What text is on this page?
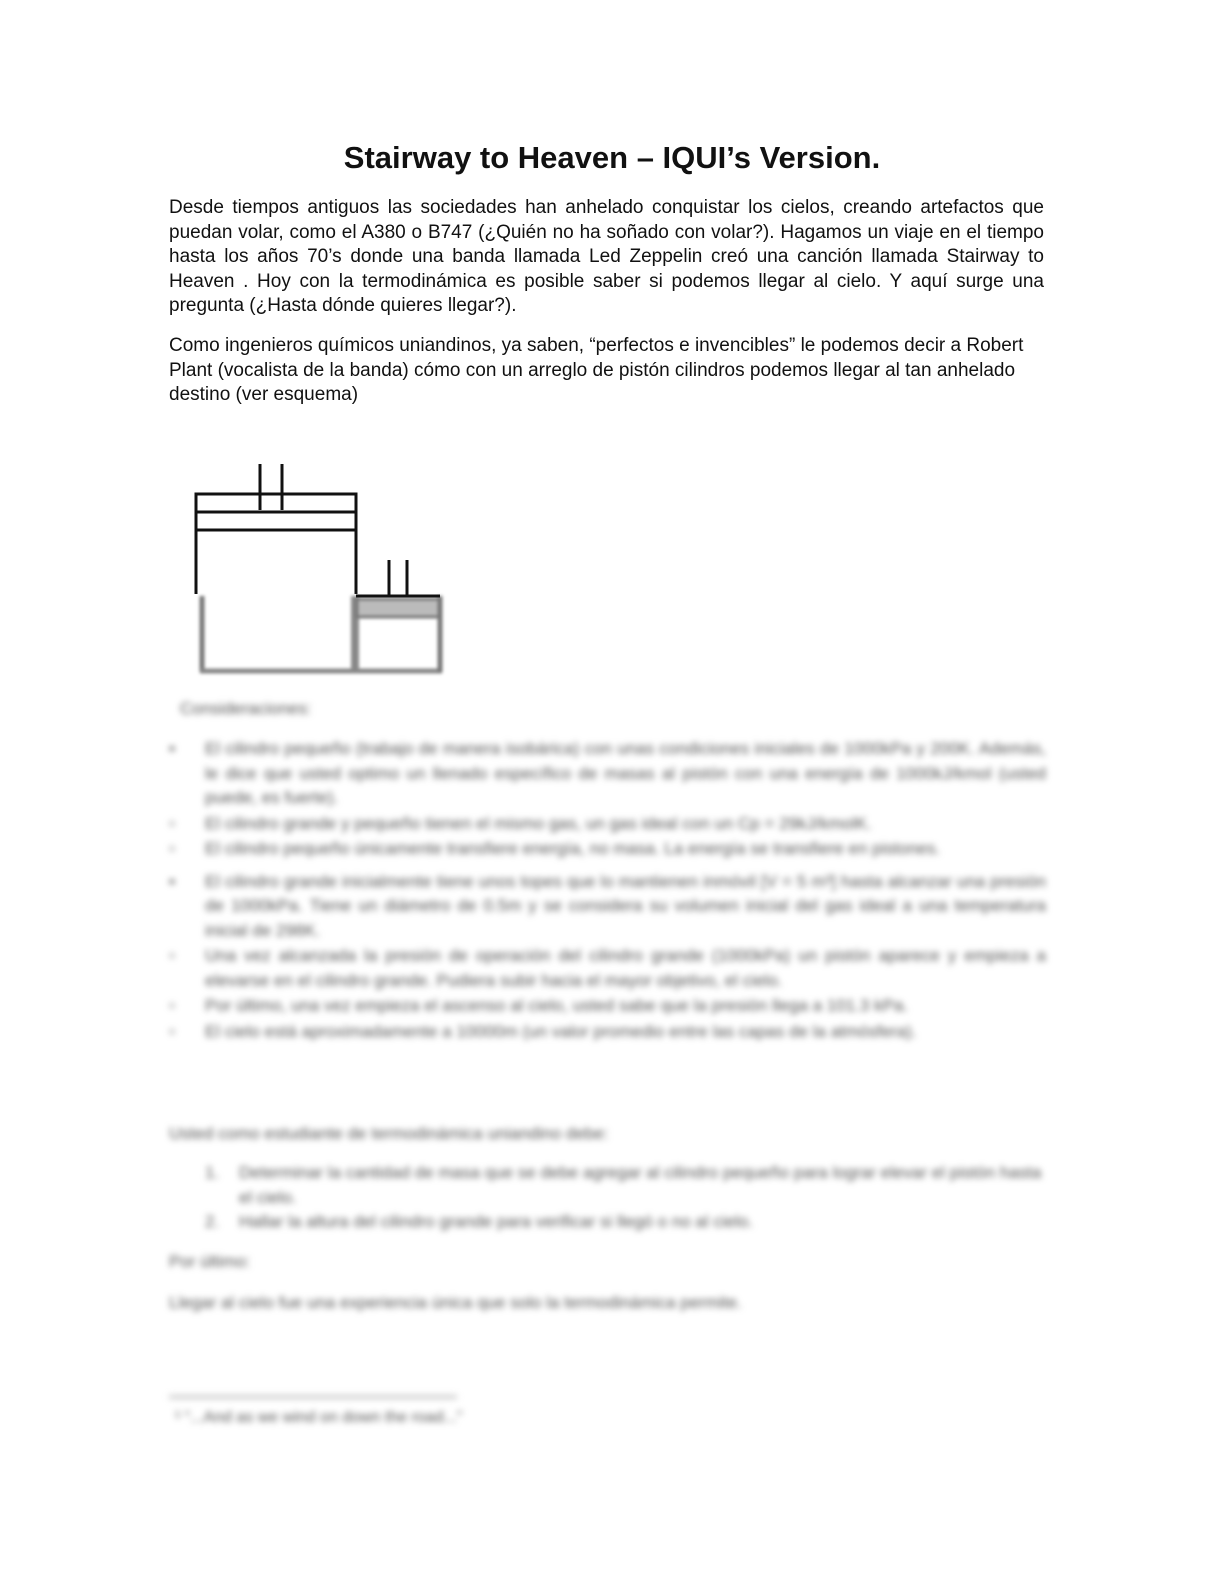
Stairway to Heaven – IQUI’s Version.

Desde tiempos antiguos las sociedades han anhelado conquistar los cielos, creando artefactos que puedan volar, como el A380 o B747 (¿Quién no ha soñado con volar?). Hagamos un viaje en el tiempo hasta los años 70’s donde una banda llamada Led Zeppelin creó una canción llamada Stairway to Heaven . Hoy con la termodinámica es posible saber si podemos llegar al cielo. Y aquí surge una pregunta (¿Hasta dónde quieres llegar?).

Como ingenieros químicos uniandinos, ya saben, “perfectos e invencibles” le podemos decir a Robert Plant (vocalista de la banda) cómo con un arreglo de pistón cilindros podemos llegar al tan anhelado destino (ver esquema)

Consideraciones:

▪ El cilindro pequeño (trabajo de manera isobárica) con unas condiciones iniciales de 1000kPa y 200K. Además, le dice que usted optimo un llenado específico de masas al pistón con una energía de 1000kJ/kmol (usted puede, es fuerte).

▫ El cilindro grande y pequeño tienen el mismo gas, un gas ideal con un Cp = 29kJ/kmolK.

▫ El cilindro pequeño únicamente transfiere energía, no masa. La energía se transfiere en pistones.

▪ El cilindro grande inicialmente tiene unos topes que lo mantienen inmóvil [V = 5 m³] hasta alcanzar una presión de 1000kPa. Tiene un diámetro de 0.5m y se considera su volumen inicial del gas ideal a una temperatura inicial de 298K.

▫ Una vez alcanzada la presión de operación del cilindro grande (1000kPa) un pistón aparece y empieza a elevarse en el cilindro grande. Pudiera subir hacia el mayor objetivo, el cielo.

▫ Por último, una vez empieza el ascenso al cielo, usted sabe que la presión llega a 101.3 kPa.

▫ El cielo está aproximadamente a 10000m (un valor promedio entre las capas de la atmósfera).

Usted como estudiante de termodinámica uniandino debe:

1. Determinar la cantidad de masa que se debe agregar al cilindro pequeño para lograr elevar el pistón hasta el cielo.

2. Hallar la altura del cilindro grande para verificar si llegó o no al cielo.

Por último:

Llegar al cielo fue una experiencia única que solo la termodinámica permite.

¹ “...And as we wind on down the road...”
